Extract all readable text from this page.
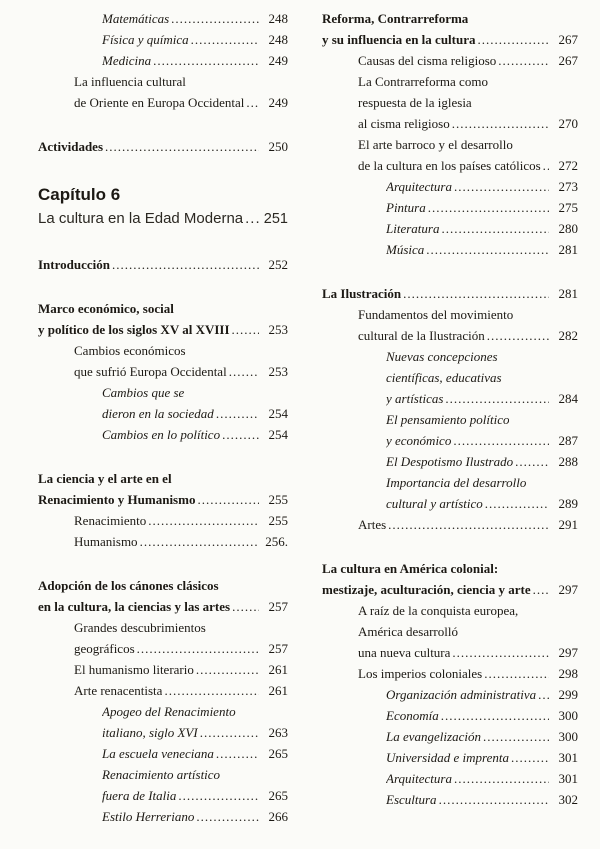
Matemáticas .....	248
Física y química .....	248
Medicina .....	249
La influencia cultural
de Oriente en Europa Occidental .....	249
Actividades .....	250
Capítulo 6
La cultura en la Edad Moderna ..... 251
Introducción .....	252
Marco económico, social
y político de los siglos XV al XVIII .....	253
Cambios económicos
que sufrió Europa Occidental .....	253
Cambios que se
dieron en la sociedad .....	254
Cambios en lo político .....	254
La ciencia y el arte en el
Renacimiento y Humanismo .....	255
Renacimiento .....	255
Humanismo .....	256.
Adopción de los cánones clásicos
en la cultura, la ciencias y las artes .....	257
Grandes descubrimientos
geográficos .....	257
El humanismo literario .....	261
Arte renacentista .....	261
Apogeo del Renacimiento
italiano, siglo XVI .....	263
La escuela veneciana .....	265
Renacimiento artístico
fuera de Italia .....	265
Estilo Herreriano .....	266
Reforma, Contrarreforma
y su influencia en la cultura .....	267
Causas del cisma religioso .....	267
La Contrarreforma como
respuesta de la iglesia
al cisma religioso .....	270
El arte barroco y el desarrollo
de la cultura en los países católicos .....	272
Arquitectura .....	273
Pintura .....	275
Literatura .....	280
Música .....	281
La Ilustración .....	281
Fundamentos del movimiento
cultural de la Ilustración .....	282
Nuevas concepciones
científicas, educativas
y artísticas .....	284
El pensamiento político
y económico .....	287
El Despotismo Ilustrado .....	288
Importancia del desarrollo
cultural y artístico .....	289
Artes .....	291
La cultura en América colonial:
mestizaje, aculturación, ciencia y arte .....	297
A raíz de la conquista europea,
América desarrolló
una nueva cultura .....	297
Los imperios coloniales .....	298
Organización administrativa .....	299
Economía .....	300
La evangelización .....	300
Universidad e imprenta .....	301
Arquitectura .....	301
Escultura .....	302
